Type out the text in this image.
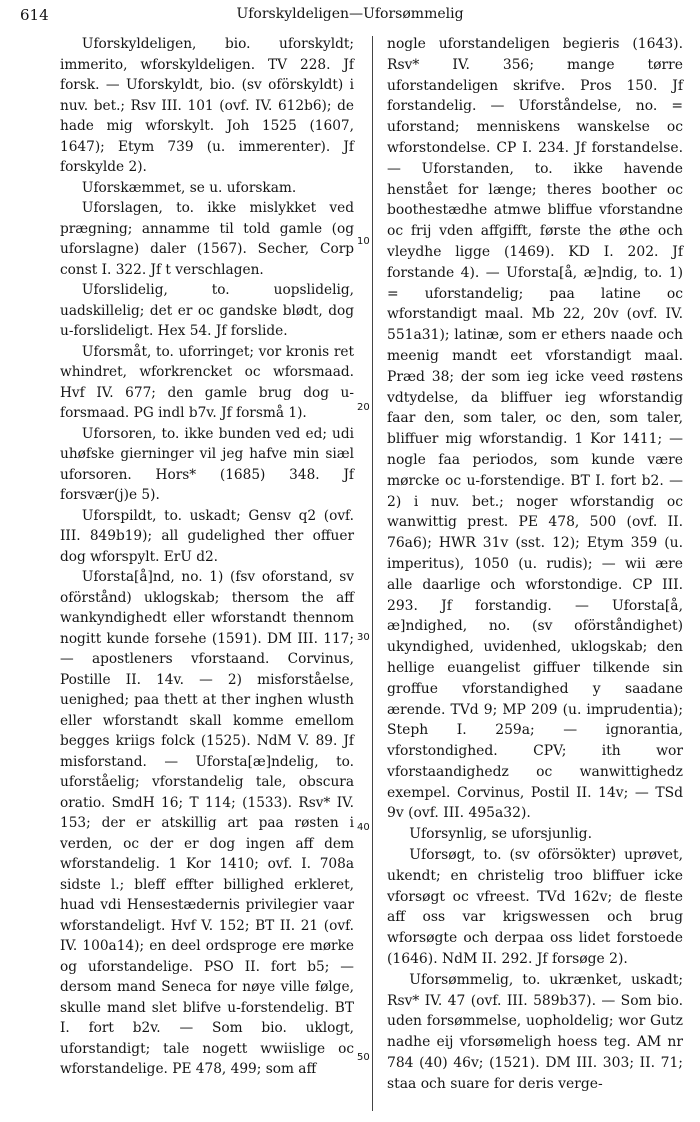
614	Uforskyldeligen—Uforsømmelig

Uforskyldeligen, bio. uforskyldt; immerito, wforskyldeligen. TV 228. Jf forsk. — Uforskyldt, bio. (sv oförskyldt) i nuv. bet.; Rsv III. 101 (ovf. IV. 612b6); de hade mig wforskylt. Joh 1525 (1607, 1647); Etym 739 (u. immerenter). Jf forskylde 2).

Uforskæmmet, se u. uforskam.

Uforslagen, to. ikke mislykket ved prægning; annamme til told gamle (og uforslagne) daler (1567). Secher, Corp const I. 322. Jf t verschlagen.

Uforslidelig, to. uopslidelig, uadskillelig; det er oc gandske blødt, dog u-forslideligt. Hex 54. Jf forslide.

Uforsmåt, to. uforringet; vor kronis ret whindret, wforkrencket oc wforsmaad. Hvf IV. 677; den gamle brug dog u-forsmaad. PG indl b7v. Jf forsmå 1).

Uforsoren, to. ikke bunden ved ed; udi uhøfske gierninger vil jeg hafve min siæl uforsoren. Hors* (1685) 348. Jf forsvær(j)e 5).

Uforspildt, to. uskadt; Gensv q2 (ovf. III. 849b19); all gudelighed ther offuer dog wforspylt. ErU d2.

Uforsta[å]nd, no. 1) (fsv oforstand, sv oförstånd) uklogskab; thersom the aff wankyndighedt eller wforstandt thennom nogitt kunde forsehe (1591). DM III. 117; — apostleners vforstaand. Corvinus, Postille II. 14v. — 2) misforståelse, uenighed; paa thett at ther inghen wlusth eller wforstandt skall komme emellom begges kriigs folck (1525). NdM V. 89. Jf misforstand. — Uforsta[æ]ndelig, to. uforståelig; vforstandelig tale, obscura oratio. SmdH 16; T 114; (1533). Rsv* IV. 153; der er atskillig art paa røsten i verden, oc der er dog ingen aff dem wforstandelig. 1 Kor 1410; ovf. I. 708a sidste l.; bleff effter billighed erkleret, huad vdi Hensestædernis privilegier vaar wforstandeligt. Hvf V. 152; BT II. 21 (ovf. IV. 100a14); en deel ordsproge ere mørke og uforstandelige. PSO II. fort b5; — dersom mand Seneca for nøye ville følge, skulle mand slet blifve u-forstendelig. BT I. fort b2v. — Som bio. uklogt, uforstandigt; tale nogett wwiislige oc wforstandelige. PE 478, 499; som aff

10
20
30
40
50

nogle uforstandeligen begieris (1643). Rsv* IV. 356; mange tørre uforstandeligen skrifve. Pros 150. Jf forstandelig. — Uforståndelse, no. = uforstand; menniskens wanskelse oc wforstondelse. CP I. 234. Jf forstandelse. — Uforstanden, to. ikke havende henstået for længe; theres boother oc boothestædhe atmwe bliffue vforstandne oc frij vden affgifft, første the øthe och vleydhe ligge (1469). KD I. 202. Jf forstande 4). — Uforsta[å, æ]ndig, to. 1) = uforstandelig; paa latine oc wforstandigt maal. Mb 22, 20v (ovf. IV. 551a31); latinæ, som er ethers naade och meenig mandt eet vforstandigt maal. Præd 38; der som ieg icke veed røstens vdtydelse, da bliffuer ieg wforstandig faar den, som taler, oc den, som taler, bliffuer mig wforstandig. 1 Kor 1411; — nogle faa periodos, som kunde være mørcke oc u-forstendige. BT I. fort b2. — 2) i nuv. bet.; noger wforstandig oc wanwittig prest. PE 478, 500 (ovf. II. 76a6); HWR 31v (sst. 12); Etym 359 (u. imperitus), 1050 (u. rudis); — wii ære alle daarlige och wforstondige. CP III. 293. Jf forstandig. — Uforsta[å, æ]ndighed, no. (sv oförståndighet) ukyndighed, uvidenhed, uklogskab; den hellige euangelist giffuer tilkende sin groffue vforstandighed y saadane ærende. TVd 9; MP 209 (u. imprudentia); Steph I. 259a; — ignorantia, vforstondighed. CPV; ith wor vforstaandighedz oc wanwittighedz exempel. Corvinus, Postil II. 14v; — TSd 9v (ovf. III. 495a32).

Uforsynlig, se uforsjunlig.

Uforsøgt, to. (sv oförsökter) uprøvet, ukendt; en christelig troo bliffuer icke vforsøgt oc vfreest. TVd 162v; de fleste aff oss var krigswessen och brug wforsøgte och derpaa oss lidet forstoede (1646). NdM II. 292. Jf forsøge 2).

Uforsømmelig, to. ukrænket, uskadt; Rsv* IV. 47 (ovf. III. 589b37). — Som bio. uden forsømmelse, uopholdelig; wor Gutz nadhe eij vforsømeligh hoess teg. AM nr 784 (40) 46v; (1521). DM III. 303; II. 71; staa och suare for deris verge-
